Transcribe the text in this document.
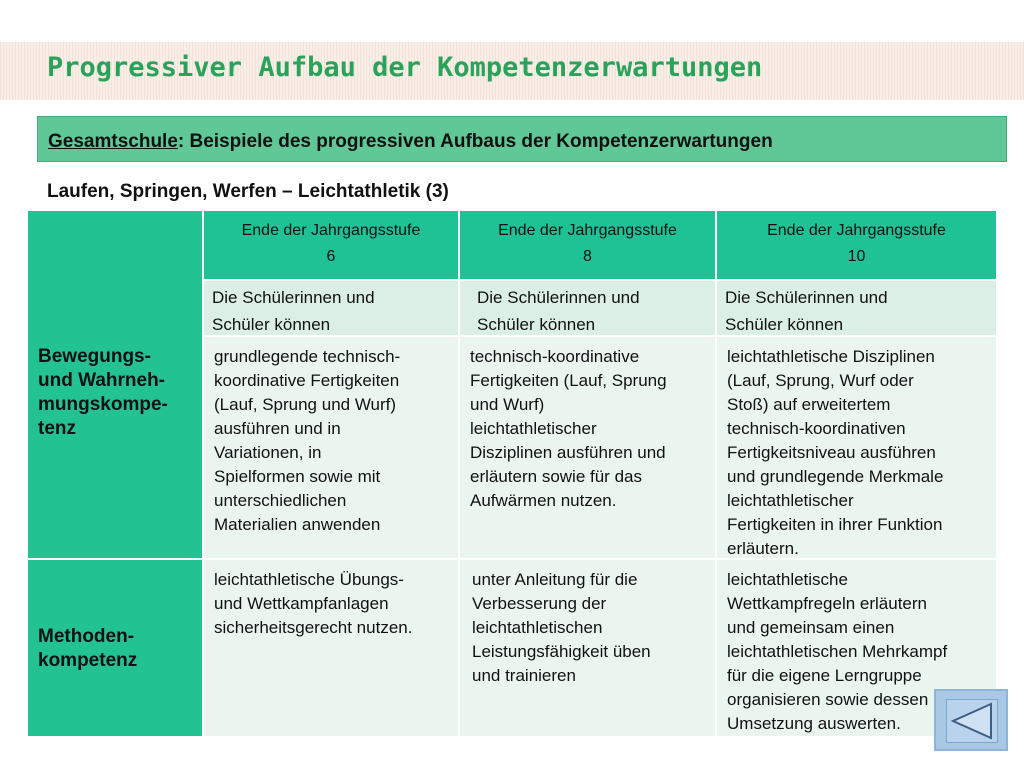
Progressiver Aufbau der Kompetenzerwartungen
Gesamtschule: Beispiele des progressiven Aufbaus der Kompetenzerwartungen
Laufen, Springen, Werfen – Leichtathletik (3)
Bewegungs-
und Wahrneh-
mungskompe-
tenz
Methoden-
kompetenz
Ende der Jahrgangsstufe
6
Ende der Jahrgangsstufe
8
Ende der Jahrgangsstufe
10
Die Schülerinnen und
Schüler können
Die Schülerinnen und
Schüler können
Die Schülerinnen und
Schüler können
grundlegende technisch-
koordinative Fertigkeiten
(Lauf, Sprung und Wurf)
ausführen und in
Variationen, in
Spielformen sowie mit
unterschiedlichen
Materialien anwenden
technisch-koordinative
Fertigkeiten (Lauf, Sprung
und Wurf)
leichtathletischer
Disziplinen ausführen und
erläutern sowie für das
Aufwärmen nutzen.
leichtathletische Disziplinen
(Lauf, Sprung, Wurf oder
Stoß) auf erweitertem
technisch-koordinativen
Fertigkeitsniveau ausführen
und grundlegende Merkmale
leichtathletischer
Fertigkeiten in ihrer Funktion
erläutern.
leichtathletische Übungs-
und Wettkampfanlagen
sicherheitsgerecht nutzen.
unter Anleitung für die
Verbesserung der
leichtathletischen
Leistungsfähigkeit üben
und trainieren
leichtathletische
Wettkampfregeln erläutern
und gemeinsam einen
leichtathletischen Mehrkampf
für die eigene Lerngruppe
organisieren sowie dessen
Umsetzung auswerten.
